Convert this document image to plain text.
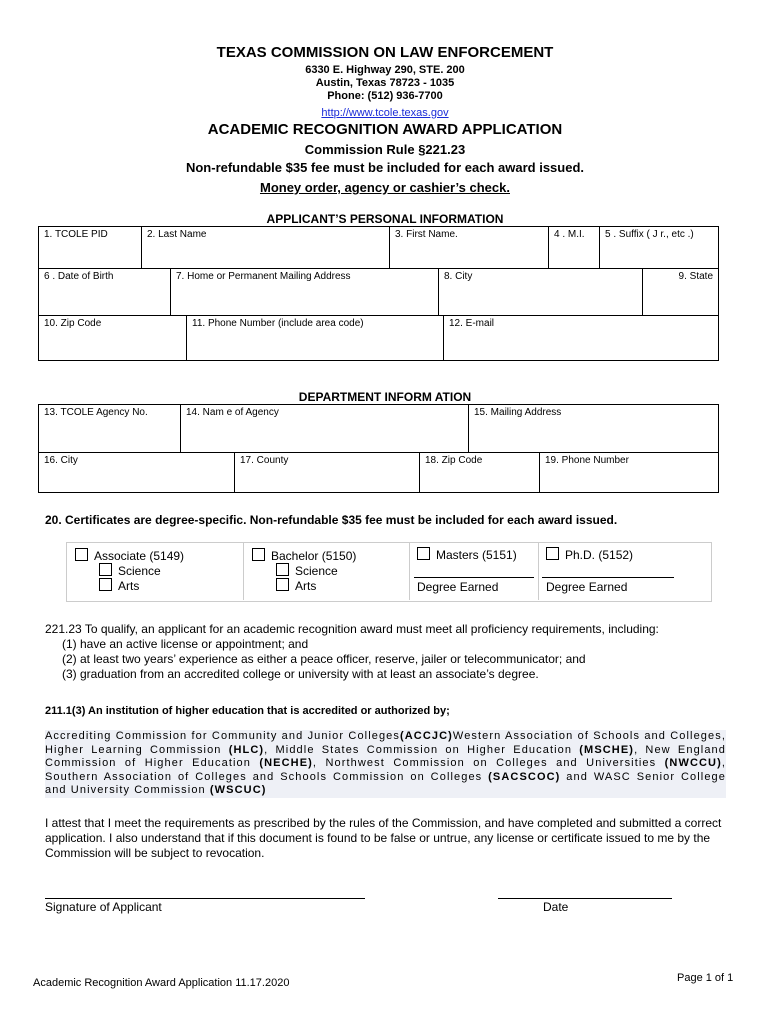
TEXAS COMMISSION ON LAW ENFORCEMENT
6330 E. Highway 290, STE. 200
Austin, Texas 78723 - 1035
Phone: (512) 936-7700
http://www.tcole.texas.gov
ACADEMIC RECOGNITION AWARD APPLICATION
Commission Rule §221.23
Non-refundable $35 fee must be included for each award issued.
Money order, agency or cashier’s check.
APPLICANT’S PERSONAL INFORMATION
1. TCOLE PID	2. Last Name	3. First Name.	4 . M.I.	5 . Suffix ( J r., etc .)
6 . Date of Birth	7. Home or Permanent Mailing Address	8. City	9. State
10. Zip Code	11. Phone Number (include area code)	12. E-mail
DEPARTMENT INFORM ATION
13. TCOLE Agency No.	14. Nam e of Agency	15. Mailing Address
16. City	17. County	18. Zip Code	19. Phone Number
20. Certificates are degree-specific. Non-refundable $35 fee must be included for each award issued.
Associate (5149)
Science
Arts
Bachelor (5150)
Science
Arts
Masters (5151)
Degree Earned
Ph.D. (5152)
Degree Earned
221.23 To qualify, an applicant for an academic recognition award must meet all proficiency requirements, including:
(1) have an active license or appointment; and
(2) at least two years’ experience as either a peace officer, reserve, jailer or telecommunicator; and
(3) graduation from an accredited college or university with at least an associate’s degree.
211.1(3) An institution of higher education that is accredited or authorized by;
Accrediting Commission for Community and Junior Colleges(ACCJC)Western Association of Schools and Colleges, Higher Learning Commission (HLC), Middle States Commission on Higher Education (MSCHE), New England Commission of Higher Education (NECHE), Northwest Commission on Colleges and Universities (NWCCU), Southern Association of Colleges and Schools Commission on Colleges (SACSCOC) and WASC Senior College and University Commission (WSCUC)
I attest that I meet the requirements as prescribed by the rules of the Commission, and have completed and submitted a correct application. I also understand that if this document is found to be false or untrue, any license or certificate issued to me by the Commission will be subject to revocation.
Signature of Applicant	Date
Academic Recognition Award Application 11.17.2020	Page 1 of 1
